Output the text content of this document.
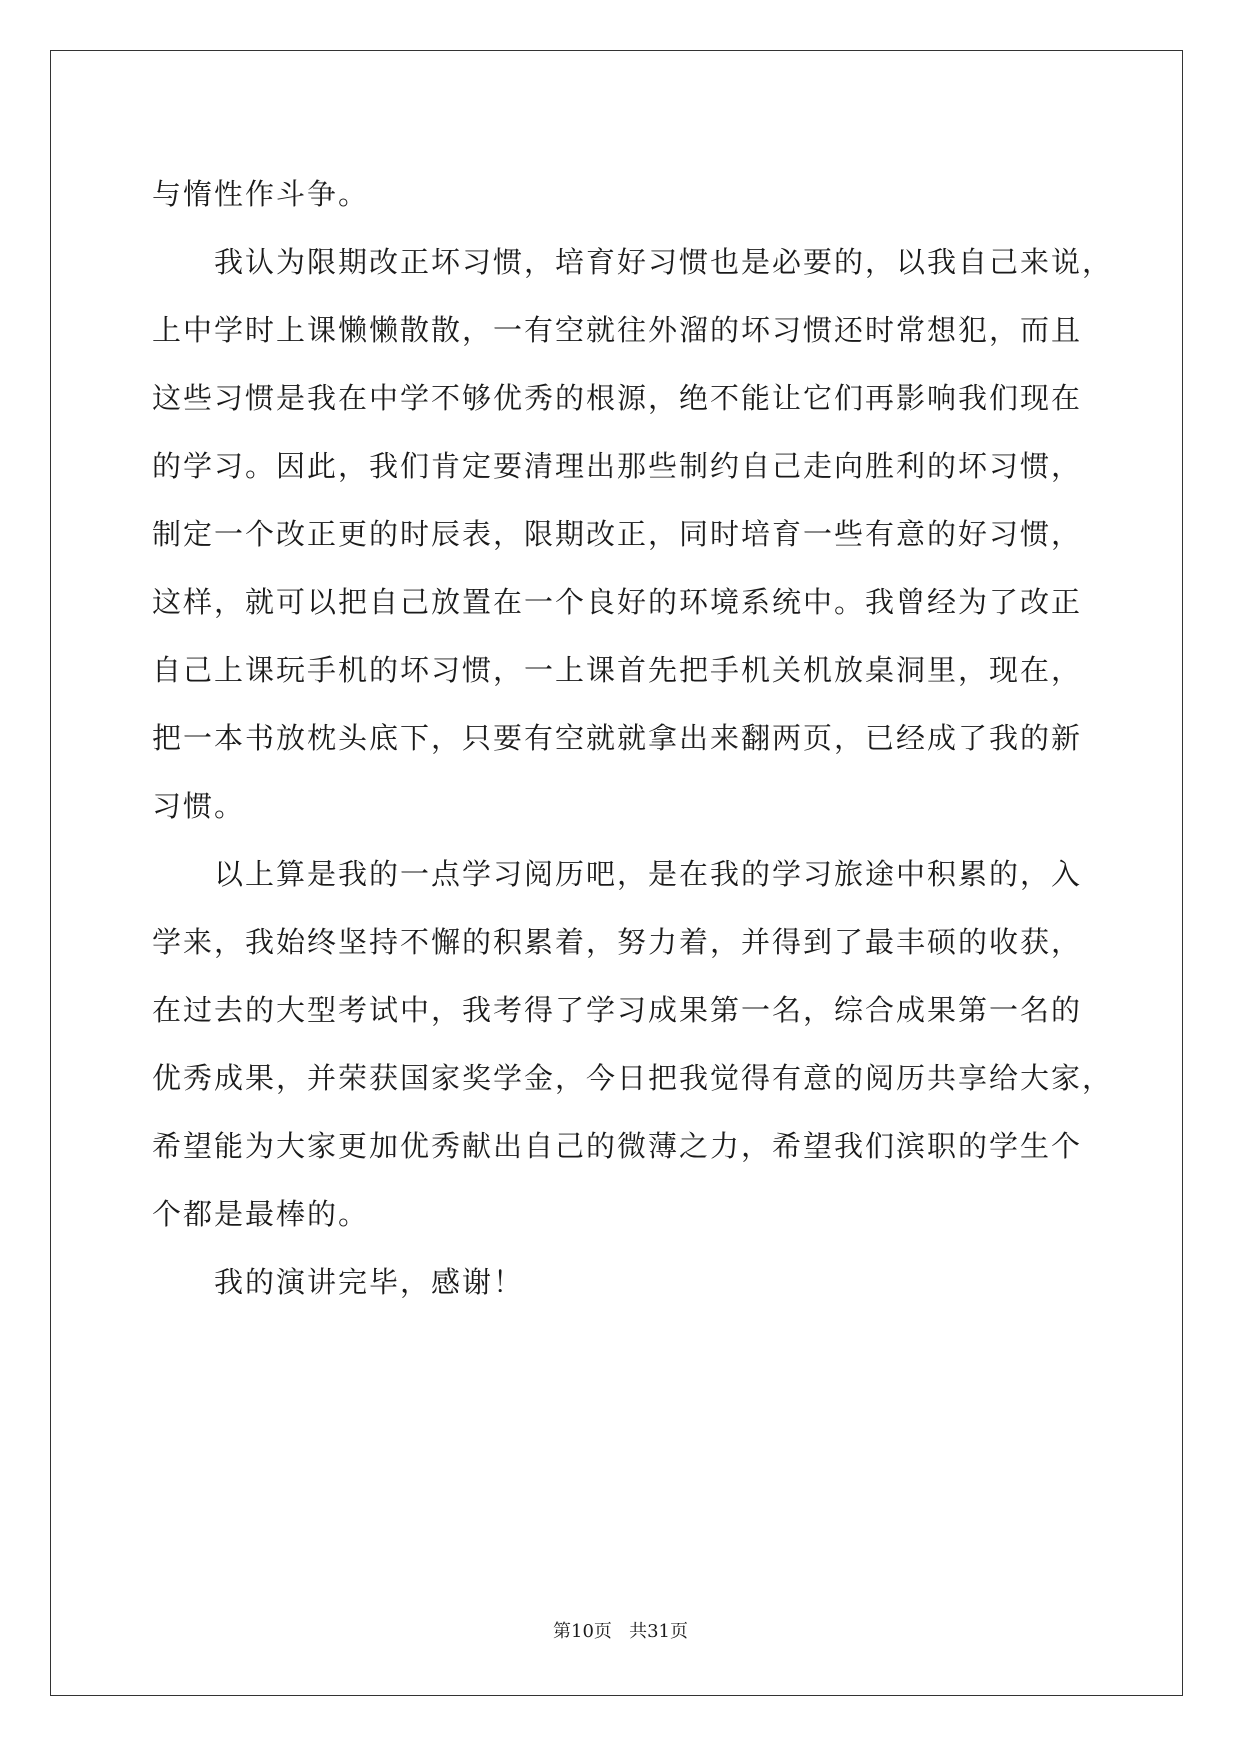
与惰性作斗争。
我认为限期改正坏习惯，培育好习惯也是必要的，以我自己来说，
上中学时上课懒懒散散，一有空就往外溜的坏习惯还时常想犯，而且
这些习惯是我在中学不够优秀的根源，绝不能让它们再影响我们现在
的学习。因此，我们肯定要清理出那些制约自己走向胜利的坏习惯，
制定一个改正更的时辰表，限期改正，同时培育一些有意的好习惯，
这样，就可以把自己放置在一个良好的环境系统中。我曾经为了改正
自己上课玩手机的坏习惯，一上课首先把手机关机放桌洞里，现在，
把一本书放枕头底下，只要有空就就拿出来翻两页，已经成了我的新
习惯。
以上算是我的一点学习阅历吧，是在我的学习旅途中积累的，入
学来，我始终坚持不懈的积累着，努力着，并得到了最丰硕的收获，
在过去的大型考试中，我考得了学习成果第一名，综合成果第一名的
优秀成果，并荣获国家奖学金，今日把我觉得有意的阅历共享给大家，
希望能为大家更加优秀献出自己的微薄之力，希望我们滨职的学生个
个都是最棒的。
我的演讲完毕，感谢！
第10页 共31页
